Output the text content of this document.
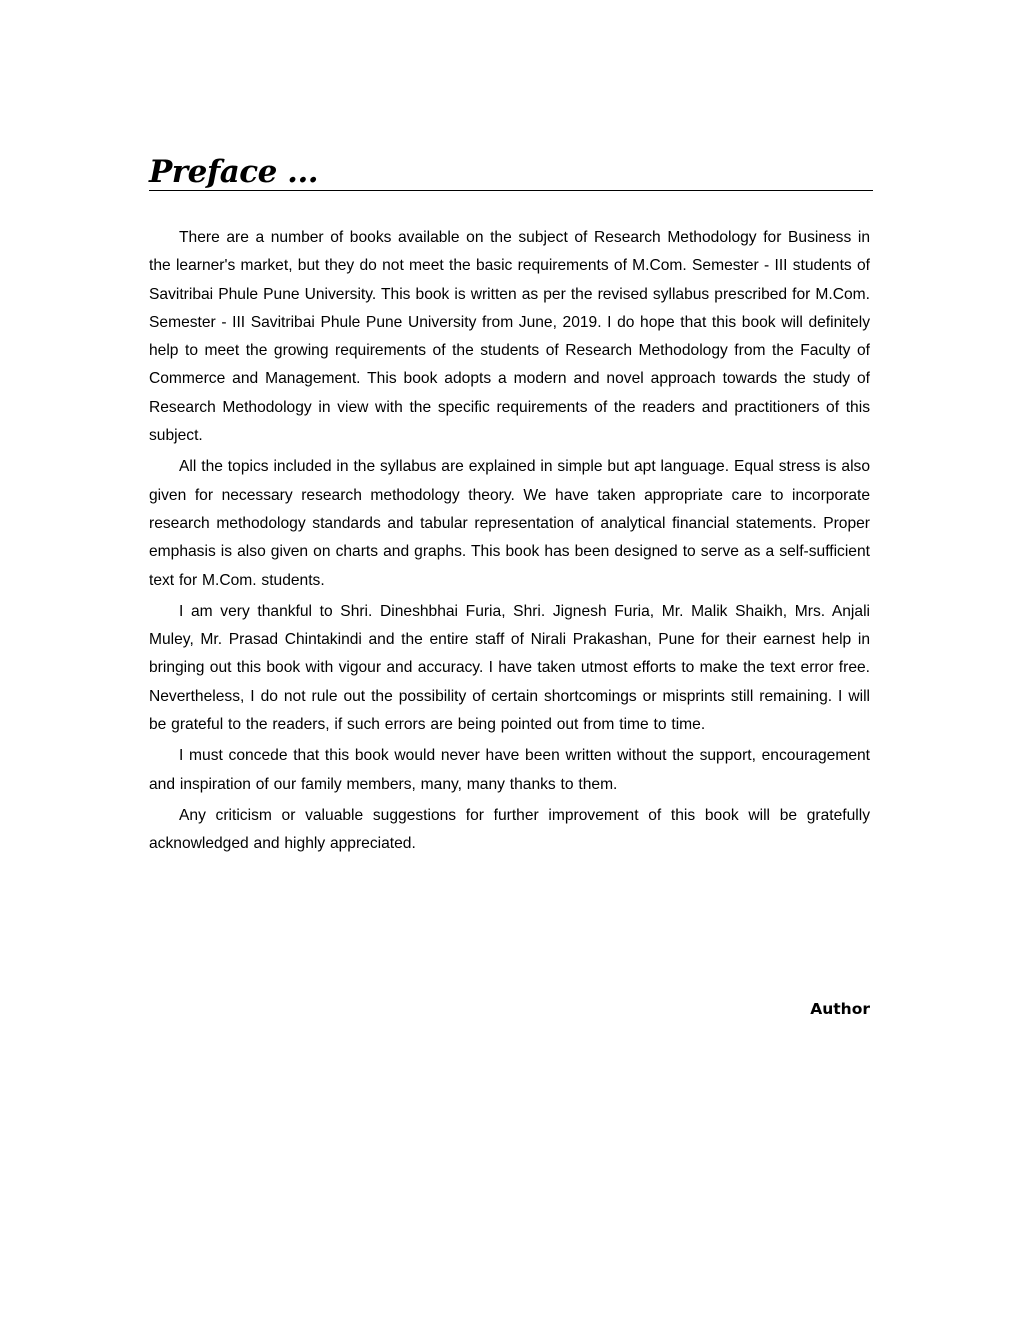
Preface ...

There are a number of books available on the subject of Research Methodology for Business in the learner's market, but they do not meet the basic requirements of M.Com. Semester - III students of Savitribai Phule Pune University. This book is written as per the revised syllabus prescribed for M.Com. Semester - III Savitribai Phule Pune University from June, 2019. I do hope that this book will definitely help to meet the growing requirements of the students of Research Methodology from the Faculty of Commerce and Management. This book adopts a modern and novel approach towards the study of Research Methodology in view with the specific requirements of the readers and practitioners of this subject.

All the topics included in the syllabus are explained in simple but apt language. Equal stress is also given for necessary research methodology theory. We have taken appropriate care to incorporate research methodology standards and tabular representation of analytical financial statements. Proper emphasis is also given on charts and graphs. This book has been designed to serve as a self-sufficient text for M.Com. students.

I am very thankful to Shri. Dineshbhai Furia, Shri. Jignesh Furia, Mr. Malik Shaikh, Mrs. Anjali Muley, Mr. Prasad Chintakindi and the entire staff of Nirali Prakashan, Pune for their earnest help in bringing out this book with vigour and accuracy. I have taken utmost efforts to make the text error free. Nevertheless, I do not rule out the possibility of certain shortcomings or misprints still remaining. I will be grateful to the readers, if such errors are being pointed out from time to time.

I must concede that this book would never have been written without the support, encouragement and inspiration of our family members, many, many thanks to them.

Any criticism or valuable suggestions for further improvement of this book will be gratefully acknowledged and highly appreciated.

Author
